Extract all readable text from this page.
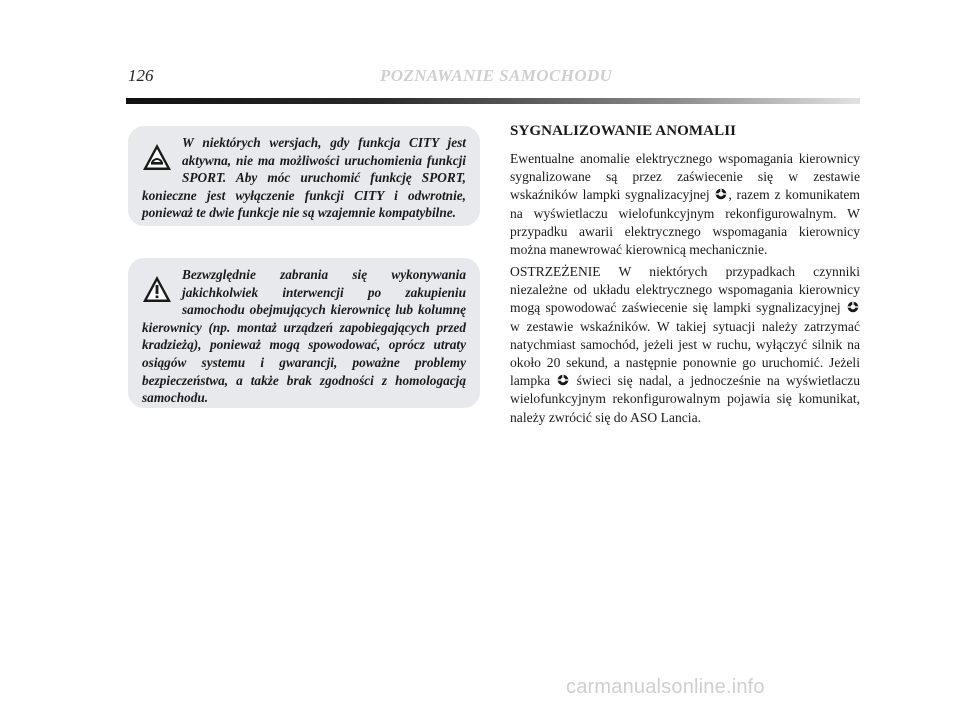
126	POZNAWANIE SAMOCHODU

W niektórych wersjach, gdy funkcja CITY jest aktywna, nie ma możliwości uruchomienia funkcji SPORT. Aby móc uruchomić funkcję SPORT, konieczne jest wyłączenie funkcji CITY i odwrotnie, ponieważ te dwie funkcje nie są wzajemnie kompatybilne.

Bezwzględnie zabrania się wykonywania jakichkolwiek interwencji po zakupieniu samochodu obejmujących kierownicę lub kolumnę kierownicy (np. montaż urządzeń zapobiegających przed kradzieżą), ponieważ mogą spowodować, oprócz utraty osiągów systemu i gwarancji, poważne problemy bezpieczeństwa, a także brak zgodności z homologacją samochodu.

SYGNALIZOWANIE ANOMALII

Ewentualne anomalie elektrycznego wspomagania kierownicy sygnalizowane są przez zaświecenie się w zestawie wskaźników lampki sygnalizacyjnej
, razem z komunikatem na wyświetlaczu wielofunkcyjnym rekonfigurowalnym. W przypadku awarii elektrycznego wspomagania kierownicy można manewrować kierownicą mechanicznie.

OSTRZEŻENIE W niektórych przypadkach czynniki niezależne od układu elektrycznego wspomagania kierownicy mogą spowodować zaświecenie się lampki sygnalizacyjnej
w zestawie wskaźników. W takiej sytuacji należy zatrzymać natychmiast samochód, jeżeli jest w ruchu, wyłączyć silnik na około 20 sekund, a następnie ponownie go uruchomić. Jeżeli lampka
świeci się nadal, a jednocześnie na wyświetlaczu wielofunkcyjnym rekonfigurowalnym pojawia się komunikat, należy zwrócić się do ASO Lancia.

carmanualsonline.info
